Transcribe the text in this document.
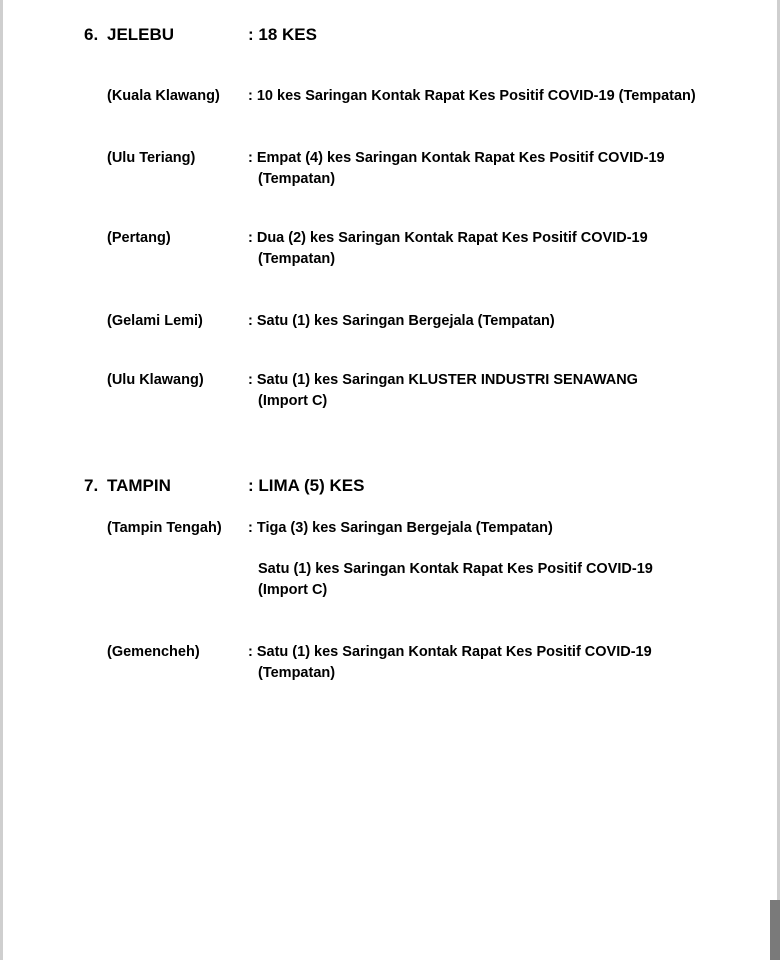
6. JELEBU	: 18 KES
(Kuala Klawang) : 10 kes Saringan Kontak Rapat Kes Positif COVID-19 (Tempatan)
(Ulu Teriang)	: Empat (4) kes Saringan Kontak Rapat Kes Positif COVID-19
(Tempatan)
(Pertang)	: Dua (2) kes Saringan Kontak Rapat Kes Positif COVID-19
(Tempatan)
(Gelami Lemi)	: Satu (1) kes Saringan Bergejala (Tempatan)
(Ulu Klawang)	: Satu (1) kes Saringan KLUSTER INDUSTRI SENAWANG
(Import C)
7. TAMPIN	: LIMA (5) KES
(Tampin Tengah) : Tiga (3) kes Saringan Bergejala (Tempatan)
Satu (1) kes Saringan Kontak Rapat Kes Positif COVID-19
(Import C)
(Gemencheh)	: Satu (1) kes Saringan Kontak Rapat Kes Positif COVID-19
(Tempatan)
